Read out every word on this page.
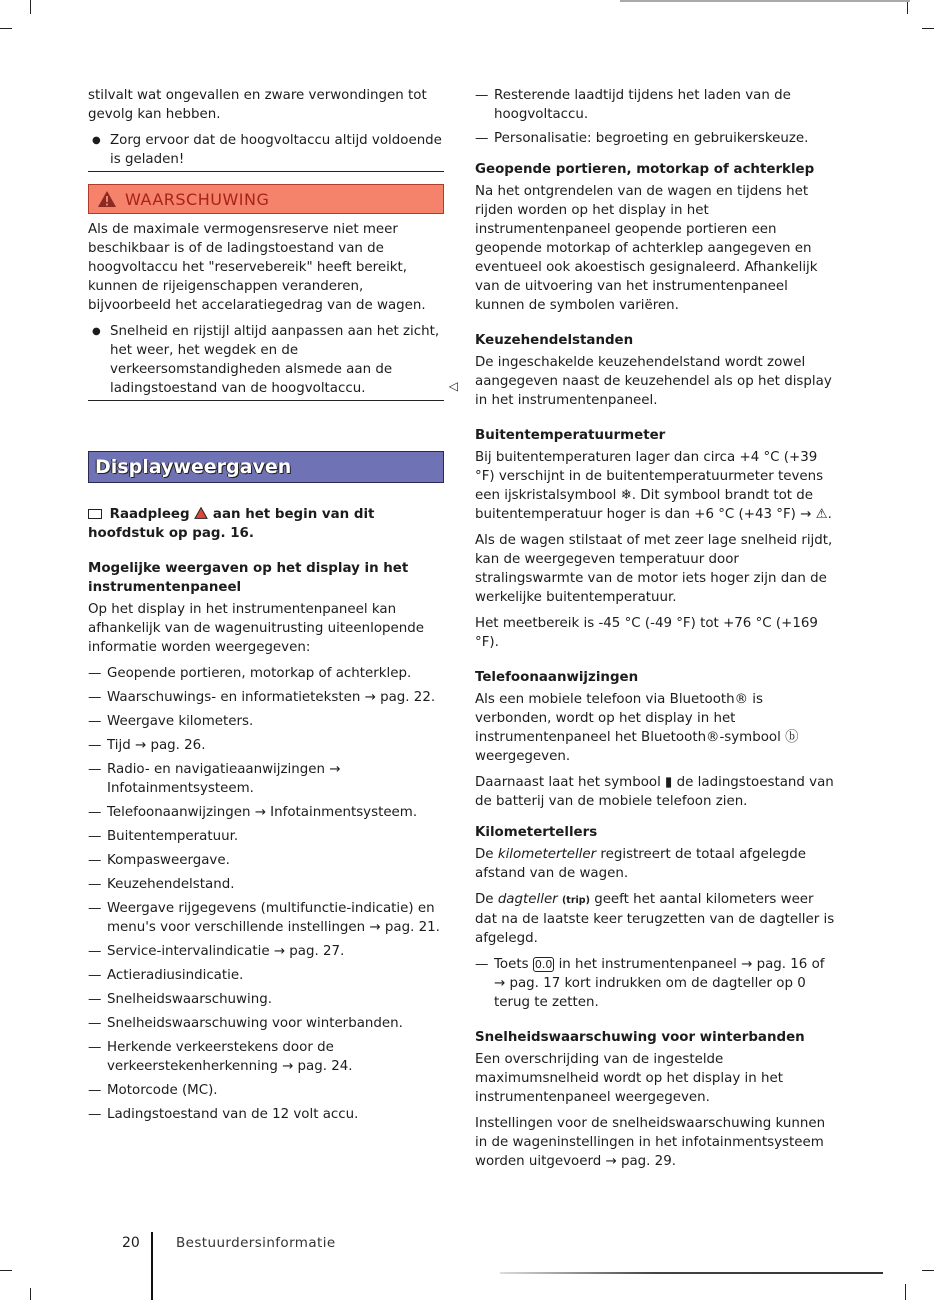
stilvalt wat ongevallen en zware verwondingen tot gevolg kan hebben.

● Zorg ervoor dat de hoogvoltaccu altijd voldoende is geladen!
WAARSCHUWING

Als de maximale vermogensreserve niet meer beschikbaar is of de ladingstoestand van de hoogvoltaccu het "reservebereik" heeft bereikt, kunnen de rijeigenschappen veranderen, bijvoorbeeld het accelaratiegedrag van de wagen.

● Snelheid en rijstijl altijd aanpassen aan het zicht, het weer, het wegdek en de verkeersomstandigheden alsmede aan de ladingstoestand van de hoogvoltaccu.	◁
Displayweergaven

Raadpleeg aan het begin van dit hoofdstuk op pag. 16.

Mogelijke weergaven op het display in het instrumentenpaneel

Op het display in het instrumentenpaneel kan afhankelijk van de wagenuitrusting uiteenlopende informatie worden weergegeven:

— Geopende portieren, motorkap of achterklep.
— Waarschuwings- en informatieteksten → pag. 22.
— Weergave kilometers.
— Tijd → pag. 26.
— Radio- en navigatieaanwijzingen → Infotainmentsysteem.
— Telefoonaanwijzingen → Infotainmentsysteem.
— Buitentemperatuur.
— Kompasweergave.
— Keuzehendelstand.
— Weergave rijgegevens (multifunctie-indicatie) en menu's voor verschillende instellingen → pag. 21.
— Service-intervalindicatie → pag. 27.
— Actieradiusindicatie.
— Snelheidswaarschuwing.
— Snelheidswaarschuwing voor winterbanden.
— Herkende verkeerstekens door de verkeerstekenherkenning → pag. 24.
— Motorcode (MC).
— Ladingstoestand van de 12 volt accu.
— Resterende laadtijd tijdens het laden van de hoogvoltaccu.
— Personalisatie: begroeting en gebruikerskeuze.
Geopende portieren, motorkap of achterklep

Na het ontgrendelen van de wagen en tijdens het rijden worden op het display in het instrumentenpaneel geopende portieren een geopende motorkap of achterklep aangegeven en eventueel ook akoestisch gesignaleerd. Afhankelijk van de uitvoering van het instrumentenpaneel kunnen de symbolen variëren.

Keuzehendelstanden

De ingeschakelde keuzehendelstand wordt zowel aangegeven naast de keuzehendel als op het display in het instrumentenpaneel.

Buitentemperatuurmeter

Bij buitentemperaturen lager dan circa +4 °C (+39 °F) verschijnt in de buitentemperatuurmeter tevens een ijskristalsymbool ❄. Dit symbool brandt tot de buitentemperatuur hoger is dan +6 °C (+43 °F) → ⚠.

Als de wagen stilstaat of met zeer lage snelheid rijdt, kan de weergegeven temperatuur door stralingswarmte van de motor iets hoger zijn dan de werkelijke buitentemperatuur.

Het meetbereik is -45 °C (-49 °F) tot +76 °C (+169 °F).

Telefoonaanwijzingen

Als een mobiele telefoon via Bluetooth® is verbonden, wordt op het display in het instrumentenpaneel het Bluetooth®-symbool ⓑ weergegeven.

Daarnaast laat het symbool ▮ de ladingstoestand van de batterij van de mobiele telefoon zien.

Kilometertellers

De kilometerteller registreert de totaal afgelegde afstand van de wagen.

De dagteller (trip) geeft het aantal kilometers weer dat na de laatste keer terugzetten van de dagteller is afgelegd.

— Toets 0.0 in het instrumentenpaneel → pag. 16 of → pag. 17 kort indrukken om de dagteller op 0 terug te zetten.
Snelheidswaarschuwing voor winterbanden

Een overschrijding van de ingestelde maximumsnelheid wordt op het display in het instrumentenpaneel weergegeven.

Instellingen voor de snelheidswaarschuwing kunnen in de wageninstellingen in het infotainmentsysteem worden uitgevoerd → pag. 29.

20	Bestuurdersinformatie
